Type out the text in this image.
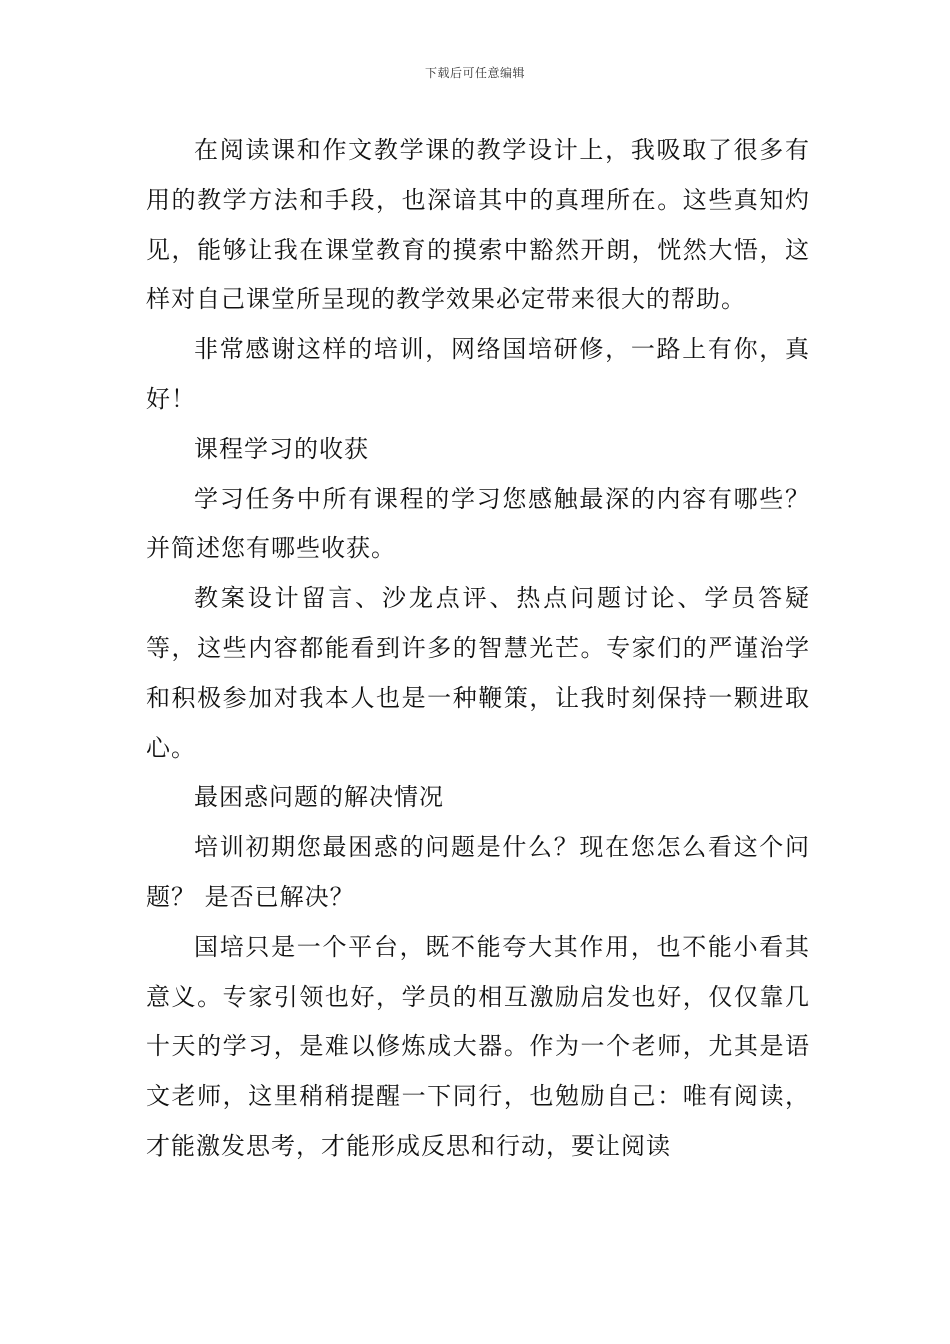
下载后可任意编辑

在阅读课和作文教学课的教学设计上，我吸取了很多有用的教学方法和手段，也深谙其中的真理所在。这些真知灼见，能够让我在课堂教育的摸索中豁然开朗，恍然大悟，这样对自己课堂所呈现的教学效果必定带来很大的帮助。

非常感谢这样的培训，网络国培研修，一路上有你，真好！

课程学习的收获

学习任务中所有课程的学习您感触最深的内容有哪些？并简述您有哪些收获。

教案设计留言、沙龙点评、热点问题讨论、学员答疑等，这些内容都能看到许多的智慧光芒。专家们的严谨治学和积极参加对我本人也是一种鞭策，让我时刻保持一颗进取心。

最困惑问题的解决情况

培训初期您最困惑的问题是什么？现在您怎么看这个问题？ 是否已解决？

国培只是一个平台，既不能夸大其作用，也不能小看其意义。专家引领也好，学员的相互激励启发也好，仅仅靠几十天的学习，是难以修炼成大器。作为一个老师，尤其是语文老师，这里稍稍提醒一下同行，也勉励自己：唯有阅读，才能激发思考，才能形成反思和行动，要让阅读
